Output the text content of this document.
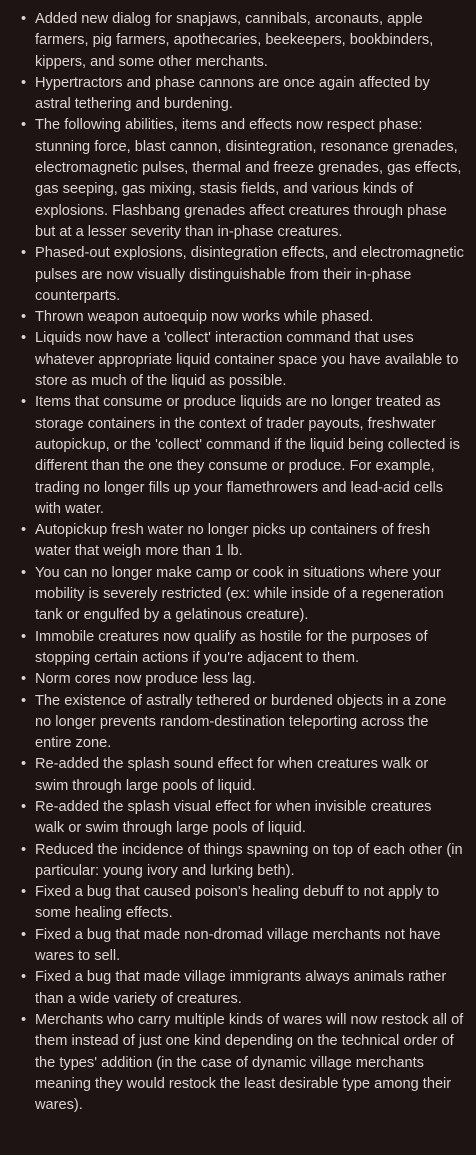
• Added new dialog for snapjaws, cannibals, arconauts, apple farmers, pig farmers, apothecaries, beekeepers, bookbinders, kippers, and some other merchants.
• Hypertractors and phase cannons are once again affected by astral tethering and burdening.
• The following abilities, items and effects now respect phase: stunning force, blast cannon, disintegration, resonance grenades, electromagnetic pulses, thermal and freeze grenades, gas effects, gas seeping, gas mixing, stasis fields, and various kinds of explosions. Flashbang grenades affect creatures through phase but at a lesser severity than in-phase creatures.
• Phased-out explosions, disintegration effects, and electromagnetic pulses are now visually distinguishable from their in-phase counterparts.
• Thrown weapon autoequip now works while phased.
• Liquids now have a 'collect' interaction command that uses whatever appropriate liquid container space you have available to store as much of the liquid as possible.
• Items that consume or produce liquids are no longer treated as storage containers in the context of trader payouts, freshwater autopickup, or the 'collect' command if the liquid being collected is different than the one they consume or produce. For example, trading no longer fills up your flamethrowers and lead-acid cells with water.
• Autopickup fresh water no longer picks up containers of fresh water that weigh more than 1 lb.
• You can no longer make camp or cook in situations where your mobility is severely restricted (ex: while inside of a regeneration tank or engulfed by a gelatinous creature).
• Immobile creatures now qualify as hostile for the purposes of stopping certain actions if you're adjacent to them.
• Norm cores now produce less lag.
• The existence of astrally tethered or burdened objects in a zone no longer prevents random-destination teleporting across the entire zone.
• Re-added the splash sound effect for when creatures walk or swim through large pools of liquid.
• Re-added the splash visual effect for when invisible creatures walk or swim through large pools of liquid.
• Reduced the incidence of things spawning on top of each other (in particular: young ivory and lurking beth).
• Fixed a bug that caused poison's healing debuff to not apply to some healing effects.
• Fixed a bug that made non-dromad village merchants not have wares to sell.
• Fixed a bug that made village immigrants always animals rather than a wide variety of creatures.
• Merchants who carry multiple kinds of wares will now restock all of them instead of just one kind depending on the technical order of the types' addition (in the case of dynamic village merchants meaning they would restock the least desirable type among their wares).
